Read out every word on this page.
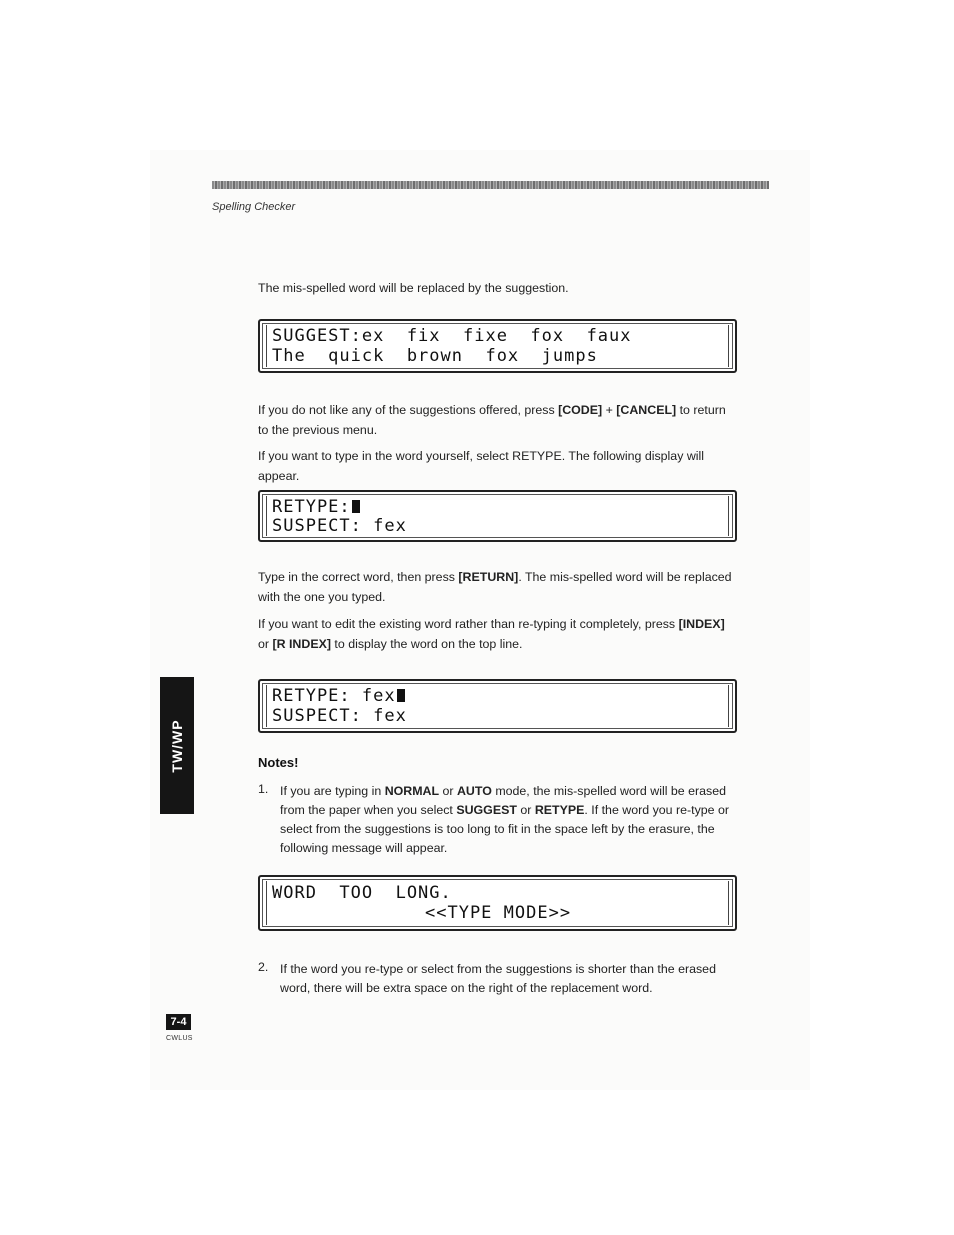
Spelling Checker
The mis-spelled word will be replaced by the suggestion.
SUGGEST:ex  fix  fixe  fox  faux
The  quick  brown  fox  jumps
If you do not like any of the suggestions offered, press [CODE] + [CANCEL] to return to the previous menu.
If you want to type in the word yourself, select RETYPE. The following display will appear.
RETYPE:
SUSPECT: fex
Type in the correct word, then press [RETURN]. The mis-spelled word will be replaced with the one you typed.
If you want to edit the existing word rather than re-typing it completely, press [INDEX] or [R INDEX] to display the word on the top line.
RETYPE: fex
SUSPECT: fex
TW/WP	Notes!
1. If you are typing in NORMAL or AUTO mode, the mis-spelled word will be erased from the paper when you select SUGGEST or RETYPE. If the word you re-type or select from the suggestions is too long to fit in the space left by the erasure, the following message will appear.
WORD  TOO  LONG.
<<TYPE MODE>>
2. If the word you re-type or select from the suggestions is shorter than the erased word, there will be extra space on the right of the replacement word.
7-4
CWLUS
